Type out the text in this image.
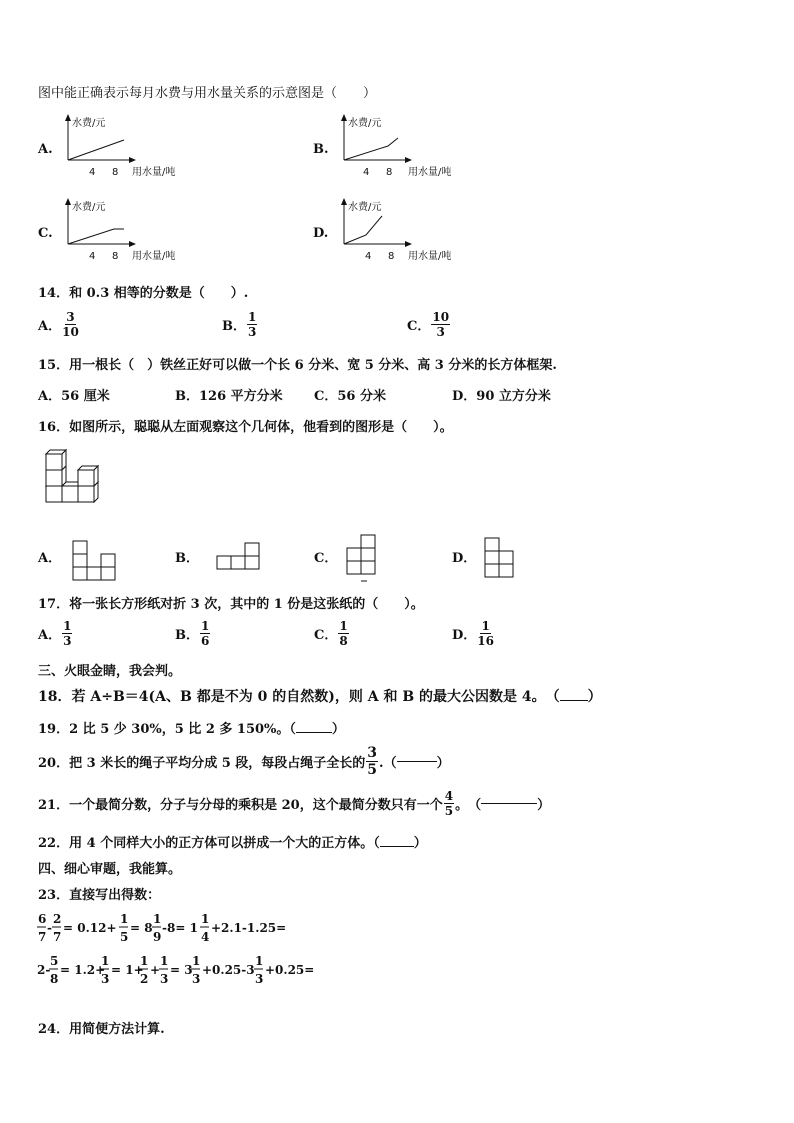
图中能正确表示每月水费与用水量关系的示意图是（　　）
A.
水费/元
4 8 用水量/吨
B.
水费/元
4 8 用水量/吨
C.
水费/元
4 8 用水量/吨
D.
水费/元
4 8 用水量/吨
14．和 0.3 相等的分数是（　　）.
A． $\frac{3}{10}$	B． $\frac{1}{3}$	C． $\frac{10}{3}$
15．用一根长（　）铁丝正好可以做一个长 6 分米、宽 5 分米、高 3 分米的长方体框架.
A．56 厘米	B．126 平方分米 C．56 分米	D．90 立方分米
16．如图所示，聪聪从左面观察这个几何体，他看到的图形是（　　）。
A．	B．	C．	D．
17．将一张长方形纸对折 3 次，其中的 1 份是这张纸的（　　）。
A． $\frac{1}{3}$	B． $\frac{1}{6}$	C． $\frac{1}{8}$	D． $\frac{1}{16}$
三、火眼金睛，我会判。
18．若 A÷B＝4(A、B 都是不为 0 的自然数)，则 A 和 B 的最大公因数是 4。　（ ）
19．2 比 5 少 30%，5 比 2 多 150%。（	）
20．把 3 米长的绳子平均分成 5 段，每段占绳子全长的 $\frac{3}{5}$ .（	）
21．一个最简分数，分子与分母的乘积是 20，这个最简分数只有一个 $\frac{4}{5}$ 。　（	）
22．用 4 个同样大小的正方体可以拼成一个大的正方体。（	）
四、细心审题，我能算。
23．直接写出得数：
6
7
-
2
7
= 0.12+
1
5
= 8
1
9
-8= 1
1
4
+2.1-1.25=
2-
5
8
= 1.2+
1
3
= 1+
1
2
+
1
3
= 3
1
3
+0.25-3
1
3
+0.25=
24．用简便方法计算.
